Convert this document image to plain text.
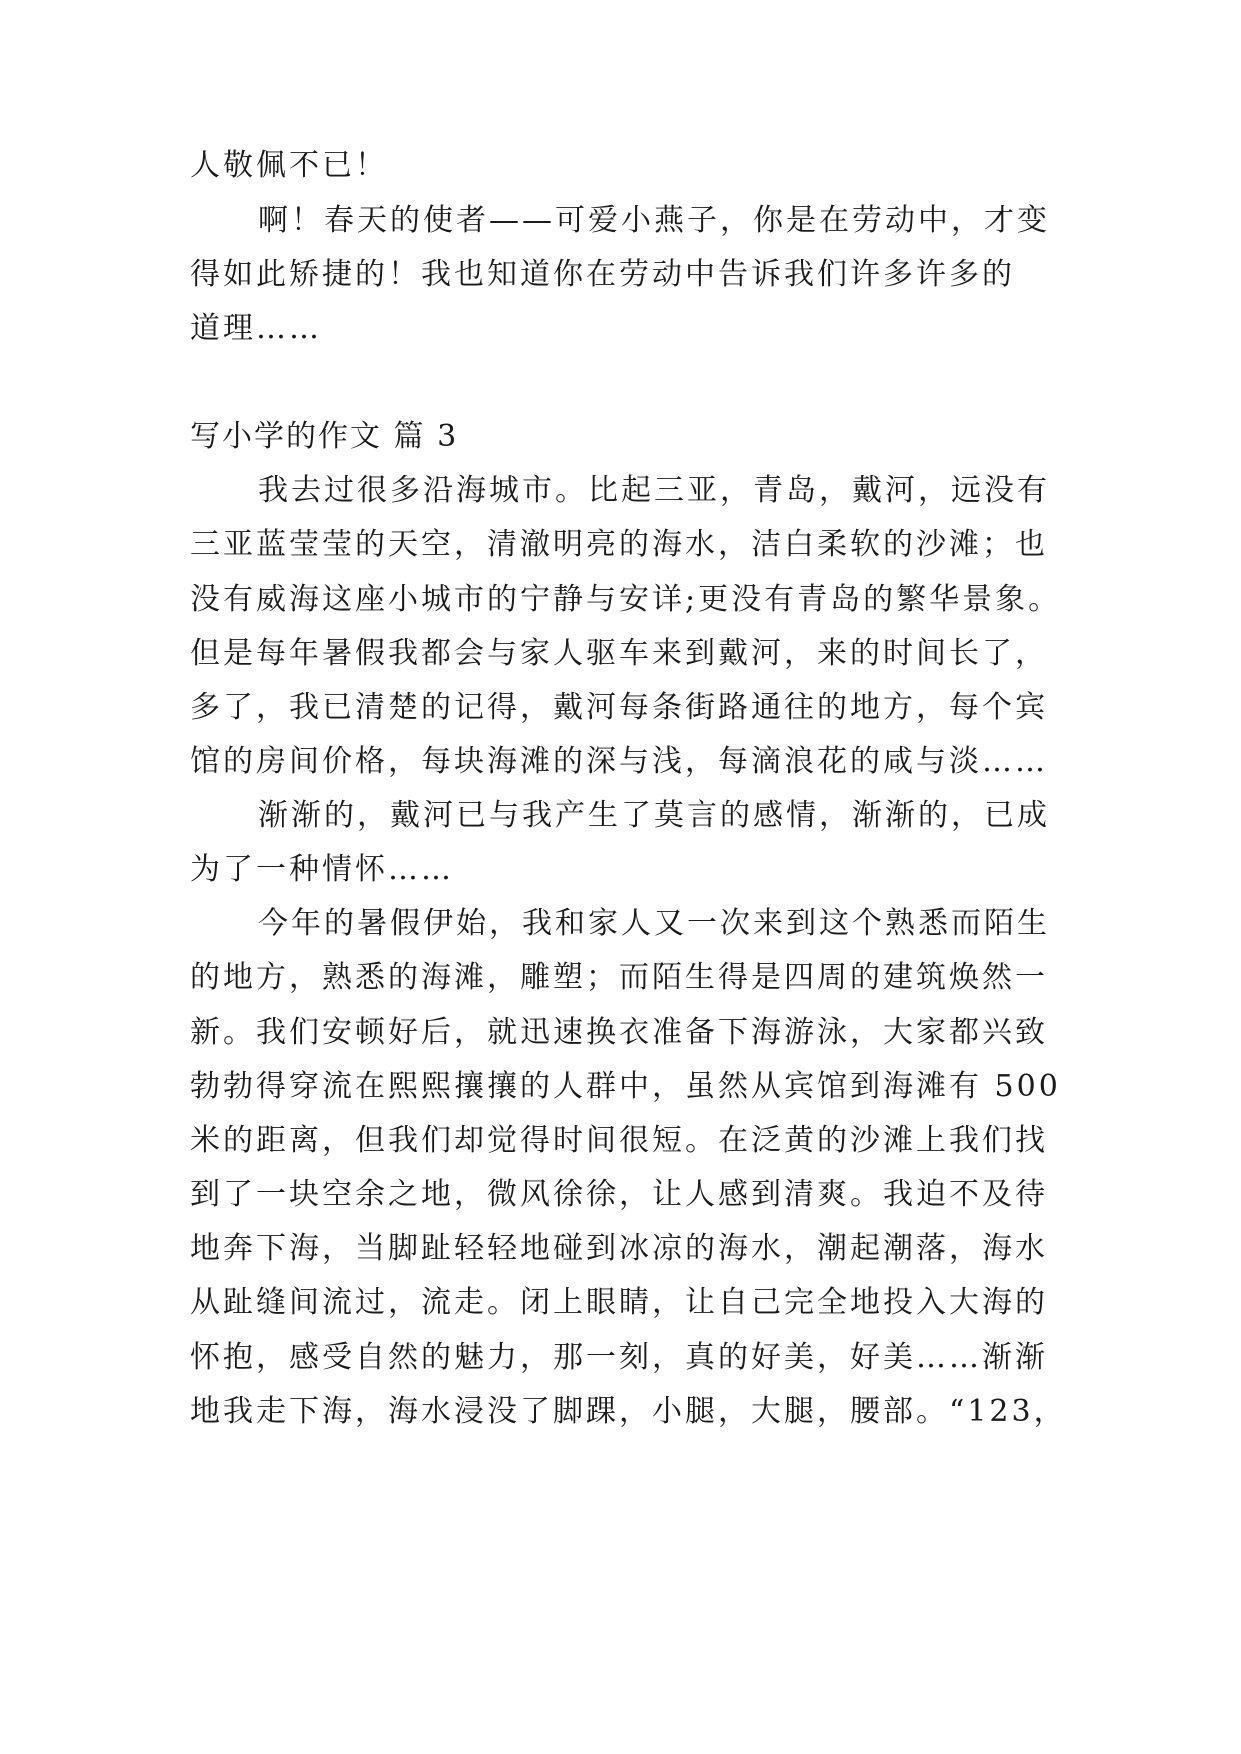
人敬佩不已！
啊！春天的使者——可爱小燕子，你是在劳动中，才变
得如此矫捷的！我也知道你在劳动中告诉我们许多许多的
道理……
写小学的作文 篇 3
我去过很多沿海城市。比起三亚，青岛，戴河，远没有
三亚蓝莹莹的天空，清澈明亮的海水，洁白柔软的沙滩；也
没有威海这座小城市的宁静与安详;更没有青岛的繁华景象。
但是每年暑假我都会与家人驱车来到戴河，来的时间长了，
多了，我已清楚的记得，戴河每条街路通往的地方，每个宾
馆的房间价格，每块海滩的深与浅，每滴浪花的咸与淡……
渐渐的，戴河已与我产生了莫言的感情，渐渐的，已成
为了一种情怀……
今年的暑假伊始，我和家人又一次来到这个熟悉而陌生
的地方，熟悉的海滩，雕塑；而陌生得是四周的建筑焕然一
新。我们安顿好后，就迅速换衣准备下海游泳，大家都兴致
勃勃得穿流在熙熙攘攘的人群中，虽然从宾馆到海滩有 500
米的距离，但我们却觉得时间很短。在泛黄的沙滩上我们找
到了一块空余之地，微风徐徐，让人感到清爽。我迫不及待
地奔下海，当脚趾轻轻地碰到冰凉的海水，潮起潮落，海水
从趾缝间流过，流走。闭上眼睛，让自己完全地投入大海的
怀抱，感受自然的魅力，那一刻，真的好美，好美……渐渐
地我走下海，海水浸没了脚踝，小腿，大腿，腰部。“123，
